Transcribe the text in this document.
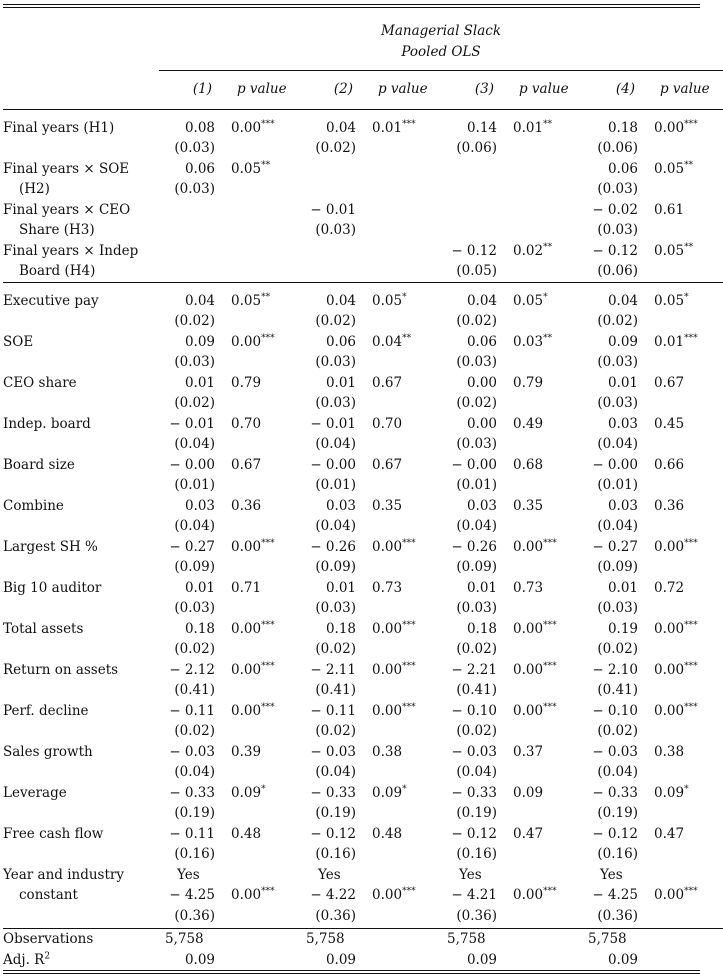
	Managerial Slack							
	Pooled OLS							

	(1)	p value	(2)	p value	(3)	p value	(4)	p value

Final years (H1)	0.08	0.00***	0.04	0.01***	0.14	0.01**	0.18	0.00***
	(0.03)		(0.02)		(0.06)		(0.06)	
Final years × SOE	0.06	0.05**					0.06	0.05**
(H2)	(0.03)						(0.03)	
Final years × CEO			− 0.01				− 0.02	0.61
Share (H3)			(0.03)				(0.03)	
Final years × Indep					− 0.12	0.02**	− 0.12	0.05**
Board (H4)					(0.05)		(0.06)	

Executive pay	0.04	0.05**	0.04	0.05*	0.04	0.05*	0.04	0.05*
	(0.02)		(0.02)		(0.02)		(0.02)	
SOE	0.09	0.00***	0.06	0.04**	0.06	0.03**	0.09	0.01***
	(0.03)		(0.03)		(0.03)		(0.03)	
CEO share	0.01	0.79	0.01	0.67	0.00	0.79	0.01	0.67
	(0.02)		(0.03)		(0.02)		(0.03)	
Indep. board	− 0.01	0.70	− 0.01	0.70	0.00	0.49	0.03	0.45
	(0.04)		(0.04)		(0.03)		(0.04)	
Board size	− 0.00	0.67	− 0.00	0.67	− 0.00	0.68	− 0.00	0.66
	(0.01)		(0.01)		(0.01)		(0.01)	
Combine	0.03	0.36	0.03	0.35	0.03	0.35	0.03	0.36
	(0.04)		(0.04)		(0.04)		(0.04)	
Largest SH %	− 0.27	0.00***	− 0.26	0.00***	− 0.26	0.00***	− 0.27	0.00***
	(0.09)		(0.09)		(0.09)		(0.09)	
Big 10 auditor	0.01	0.71	0.01	0.73	0.01	0.73	0.01	0.72
	(0.03)		(0.03)		(0.03)		(0.03)	
Total assets	0.18	0.00***	0.18	0.00***	0.18	0.00***	0.19	0.00***
	(0.02)		(0.02)		(0.02)		(0.02)	
Return on assets	− 2.12	0.00***	− 2.11	0.00***	− 2.21	0.00***	− 2.10	0.00***
	(0.41)		(0.41)		(0.41)		(0.41)	
Perf. decline	− 0.11	0.00***	− 0.11	0.00***	− 0.10	0.00***	− 0.10	0.00***
	(0.02)		(0.02)		(0.02)		(0.02)	
Sales growth	− 0.03	0.39	− 0.03	0.38	− 0.03	0.37	− 0.03	0.38
	(0.04)		(0.04)		(0.04)		(0.04)	
Leverage	− 0.33	0.09*	− 0.33	0.09*	− 0.33	0.09	− 0.33	0.09*
	(0.19)		(0.19)		(0.19)		(0.19)	
Free cash flow	− 0.11	0.48	− 0.12	0.48	− 0.12	0.47	− 0.12	0.47
	(0.16)		(0.16)		(0.16)		(0.16)	
Year and industry	Yes		Yes		Yes		Yes	
constant	− 4.25	0.00***	− 4.22	0.00***	− 4.21	0.00***	− 4.25	0.00***
	(0.36)		(0.36)		(0.36)		(0.36)	
Observations	5,758		5,758		5,758		5,758	
Adj. $R^2$	0.09		0.09		0.09		0.09	
